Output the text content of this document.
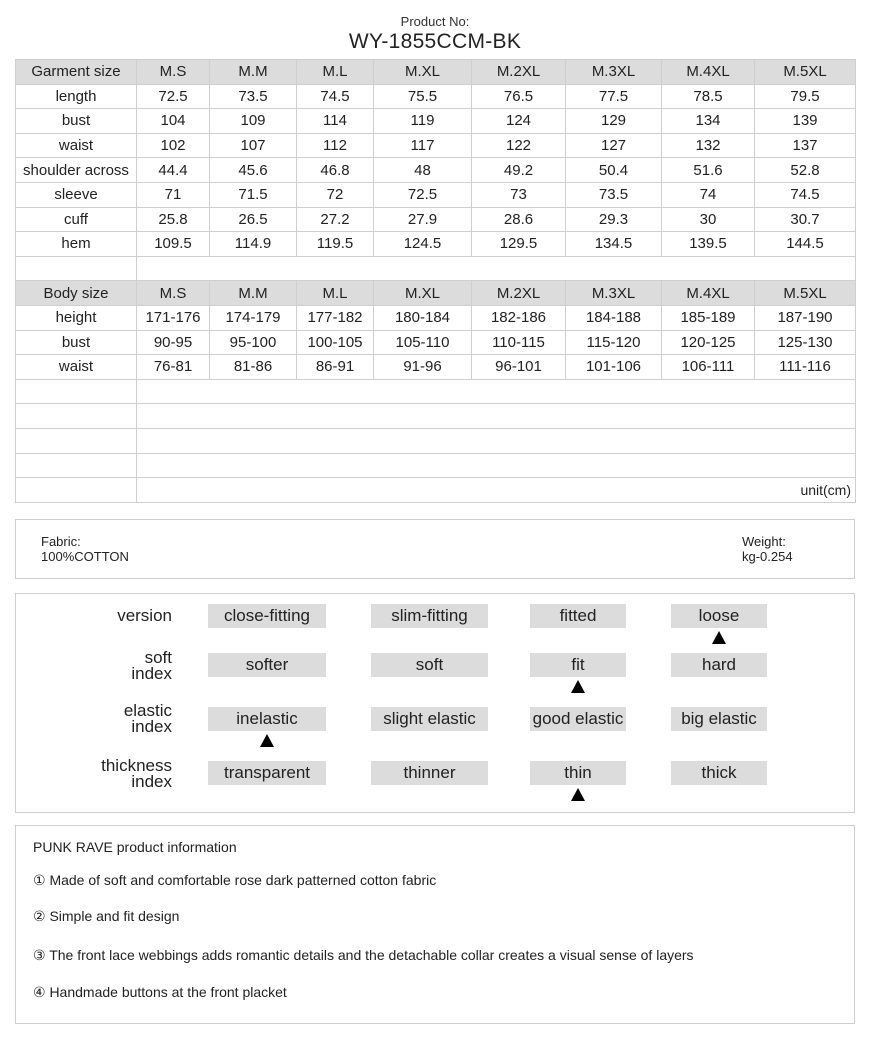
Product No:
WY-1855CCM-BK
Garment size	M.S	M.M	M.L	M.XL	M.2XL	M.3XL	M.4XL	M.5XL
length	72.5	73.5	74.5	75.5	76.5	77.5	78.5	79.5
bust	104	109	114	119	124	129	134	139
waist	102	107	112	117	122	127	132	137
shoulder across	44.4	45.6	46.8	48	49.2	50.4	51.6	52.8
sleeve	71	71.5	72	72.5	73	73.5	74	74.5
cuff	25.8	26.5	27.2	27.9	28.6	29.3	30	30.7
hem	109.5	114.9	119.5	124.5	129.5	134.5	139.5	144.5

Body size	M.S	M.M	M.L	M.XL	M.2XL	M.3XL	M.4XL	M.5XL
height	171-176	174-179	177-182	180-184	182-186	184-188	185-189	187-190
bust	90-95	95-100	100-105	105-110	110-115	115-120	120-125	125-130
waist	76-81	81-86	86-91	91-96	96-101	101-106	106-111	111-116

	unit(cm)							
Fabric:
100%COTTON
Weight:
kg-0.254
version	close-fitting	slim-fitting	fitted	loose
soft
index	softer	soft	fit	hard
elastic
index	inelastic	slight elastic	good elastic	big elastic
thickness
index	transparent	thinner	thin	thick
PUNK RAVE product information
① Made of soft and comfortable rose dark patterned cotton fabric
② Simple and fit design
③ The front lace webbings adds romantic details and the detachable collar creates a visual sense of layers
④ Handmade buttons at the front placket
